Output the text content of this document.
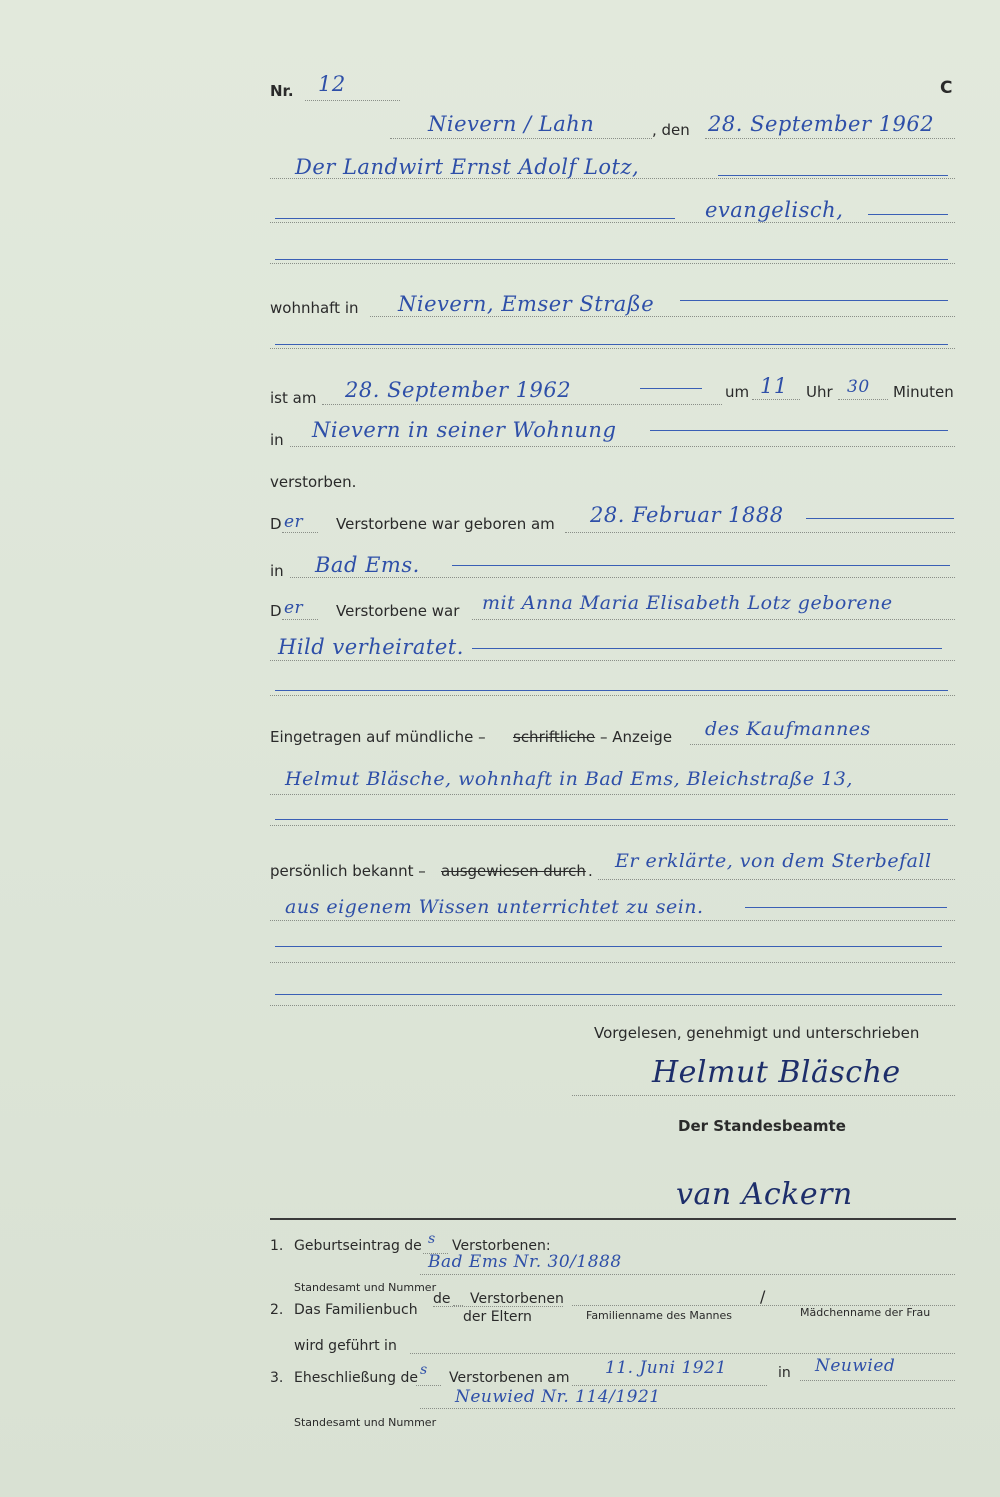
Nr. 12	C
Nievern / Lahn	, den 28. September 1962
Der Landwirt Ernst Adolf Lotz,
evangelisch,
wohnhaft in Nievern, Emser Straße
ist am 28. September 1962	um 11 Uhr 30 Minuten
in Nievern in seiner Wohnung
verstorben.
D er Verstorbene war geboren am 28. Februar 1888
in Bad Ems.
D er Verstorbene war mit Anna Maria Elisabeth Lotz geborene
Hild verheiratet.
Eingetragen auf mündliche – schriftliche – Anzeige des Kaufmannes
Helmut Bläsche, wohnhaft in Bad Ems, Bleichstraße 13,
persönlich bekannt – ausgewiesen durch . Er erklärte, von dem Sterbefall
aus eigenem Wissen unterrichtet zu sein.
Vorgelesen, genehmigt und unterschrieben
Helmut Bläsche
Der Standesbeamte
van Ackern
1. Geburtseintrag de s Verstorbenen:
Bad Ems Nr. 30/1888
Standesamt und Nummer
2. Das Familienbuch
de Verstorbenen
der Eltern
/
Familienname des Mannes	Mädchenname der Frau
wird geführt in
3. Eheschließung de s Verstorbenen am 11. Juni 1921	in Neuwied
Neuwied Nr. 114/1921
Standesamt und Nummer
